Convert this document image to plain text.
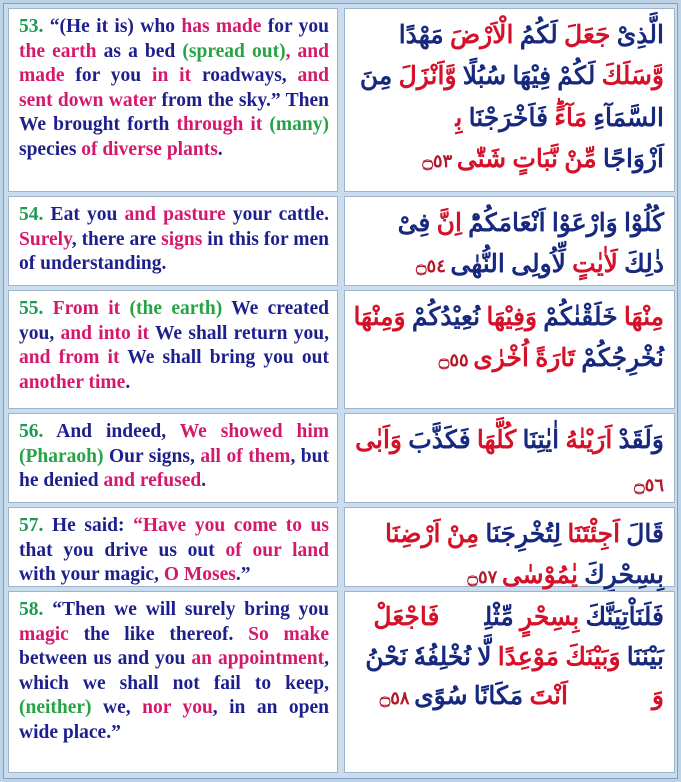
53. “(He it is) who has made for you the earth as a bed (spread out), and made for you in it roadways, and sent down water from the sky.” Then We brought forth through it (many) species of diverse plants.
الَّذِىْ جَعَلَ لَكُمُ الْاَرْضَ مَهْدًا وَّسَلَكَ لَكُمْ فِيْهَا سُبُلًا وَّاَنْزَلَ مِنَ السَّمَآءِ مَآءًؕ فَاَخْرَجْنَا بِهٖۤ اَزْوَاجًا مِّنْ نَّبَاتٍ شَتّٰى ۝٥٣
54. Eat you and pasture your cattle. Surely, there are signs in this for men of understanding.
كُلُوْا وَارْعَوْا اَنْعَامَكُمْؕ اِنَّ فِىْ ذٰلِكَ لَاٰيٰتٍ لِّاُولِى النُّهٰى ۝٥٤
55. From it (the earth) We created you, and into it We shall return you, and from it We shall bring you out another time.
مِنْهَا خَلَقْنٰكُمْ وَفِيْهَا نُعِيْدُكُمْ وَمِنْهَا نُخْرِجُكُمْ تَارَةً اُخْرٰى ۝٥٥
56. And indeed, We showed him (Pharaoh) Our signs, all of them, but he denied and refused.
وَلَقَدْ اَرَيْنٰهُ اٰيٰتِنَا كُلَّهَا فَكَذَّبَ وَاَبٰى ۝٥٦
57. He said: “Have you come to us that you drive us out of our land with your magic, O Moses.”
قَالَ اَجِئْتَنَا لِتُخْرِجَنَا مِنْ اَرْضِنَا بِسِحْرِكَ يٰمُوْسٰى ۝٥٧
58. “Then we will surely bring you magic the like thereof. So make between us and you an appointment, which we shall not fail to keep, (neither) we, nor you, in an open wide place.”
فَلَنَاْتِيَنَّكَ بِسِحْرٍ مِّثْلِهٖ فَاجْعَلْ بَيْنَنَا وَبَيْنَكَ مَوْعِدًا لَّا نُخْلِفُهٗ نَحْنُ وَلَاۤ اَنْتَ مَكَانًا سُوًى ۝٥٨
